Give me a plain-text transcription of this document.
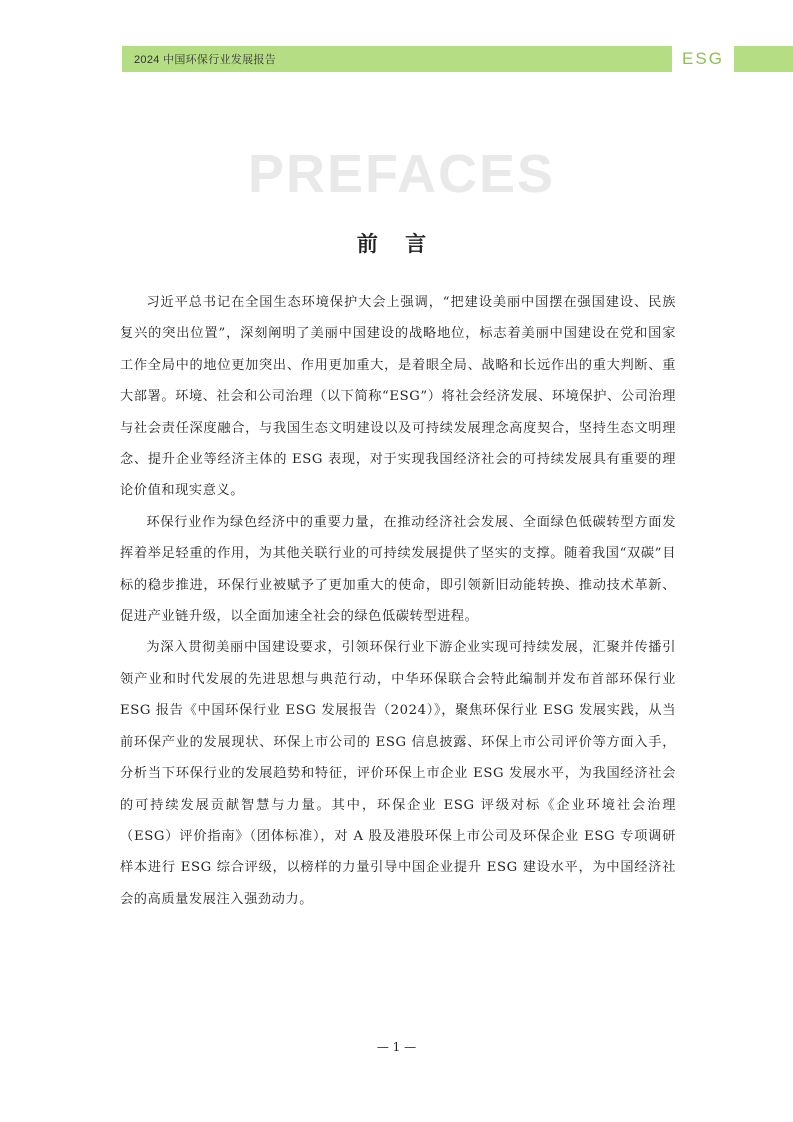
2024 中国环保行业发展报告	ESG
PREFACES
前 言

习近平总书记在全国生态环境保护大会上强调，“把建设美丽中国摆在强国建设、民族复兴的突出位置”，深刻阐明了美丽中国建设的战略地位，标志着美丽中国建设在党和国家工作全局中的地位更加突出、作用更加重大，是着眼全局、战略和长远作出的重大判断、重大部署。环境、社会和公司治理（以下简称“ESG”）将社会经济发展、环境保护、公司治理与社会责任深度融合，与我国生态文明建设以及可持续发展理念高度契合，坚持生态文明理念、提升企业等经济主体的 ESG 表现，对于实现我国经济社会的可持续发展具有重要的理论价值和现实意义。

环保行业作为绿色经济中的重要力量，在推动经济社会发展、全面绿色低碳转型方面发挥着举足轻重的作用，为其他关联行业的可持续发展提供了坚实的支撑。随着我国“双碳”目标的稳步推进，环保行业被赋予了更加重大的使命，即引领新旧动能转换、推动技术革新、促进产业链升级，以全面加速全社会的绿色低碳转型进程。

为深入贯彻美丽中国建设要求，引领环保行业下游企业实现可持续发展，汇聚并传播引领产业和时代发展的先进思想与典范行动，中华环保联合会特此编制并发布首部环保行业 ESG 报告《中国环保行业 ESG 发展报告（2024）》，聚焦环保行业 ESG 发展实践，从当前环保产业的发展现状、环保上市公司的 ESG 信息披露、环保上市公司评价等方面入手，分析当下环保行业的发展趋势和特征，评价环保上市企业 ESG 发展水平，为我国经济社会的可持续发展贡献智慧与力量。其中，环保企业 ESG 评级对标《企业环境社会治理（ESG）评价指南》（团体标准），对 A 股及港股环保上市公司及环保企业 ESG 专项调研样本进行 ESG 综合评级，以榜样的力量引导中国企业提升 ESG 建设水平，为中国经济社会的高质量发展注入强劲动力。

— 1 —
